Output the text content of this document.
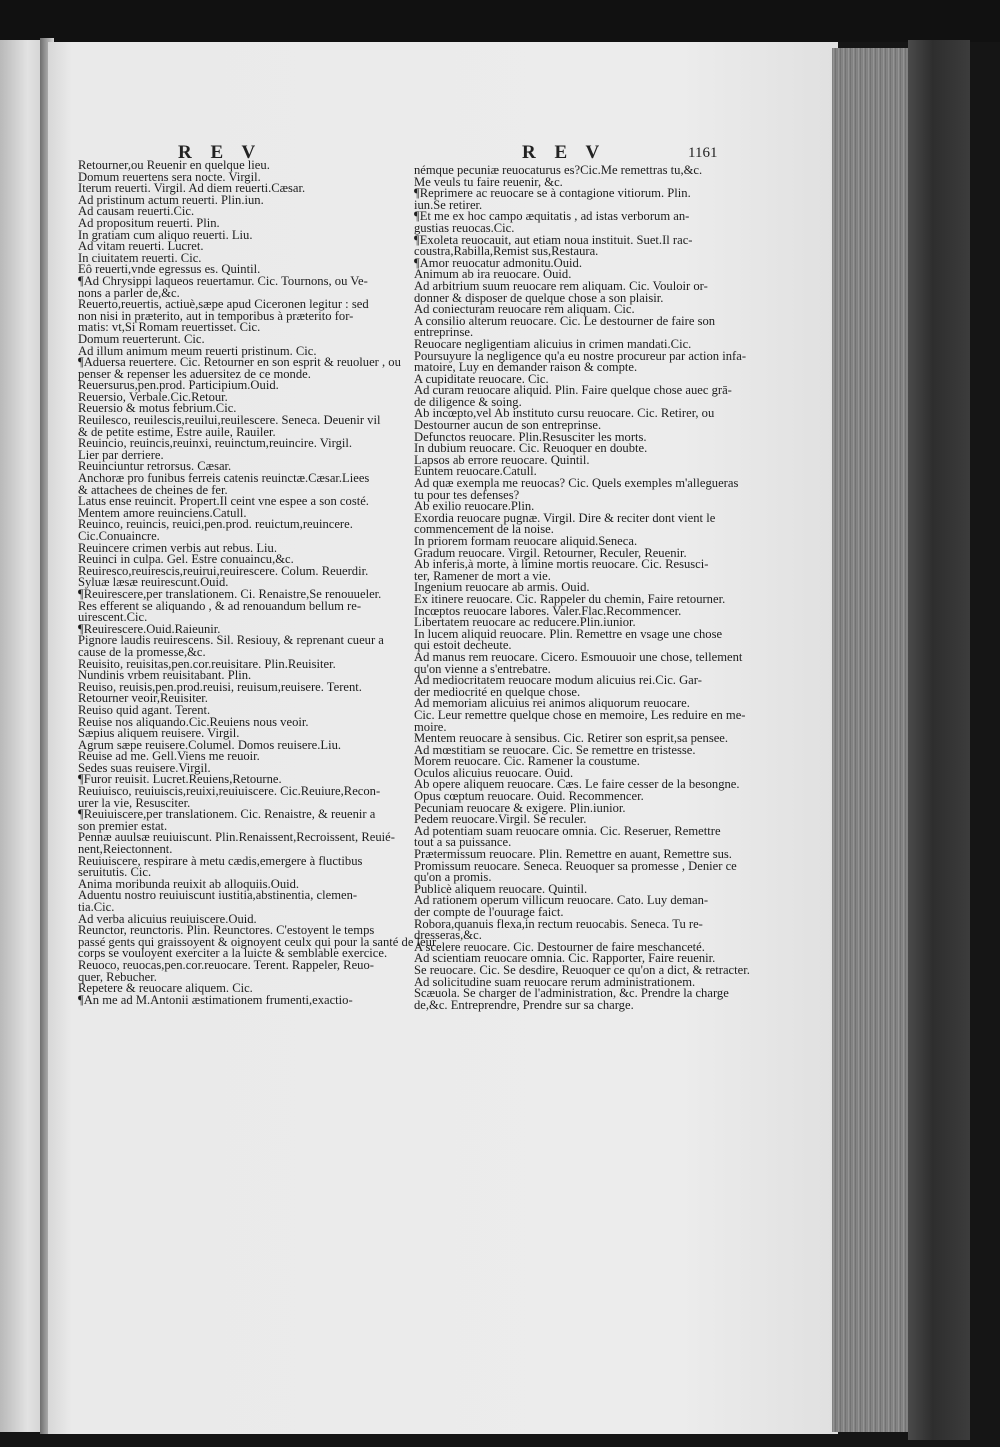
R E V	R E V	1161

Retourner,ou Reuenir en quelque lieu.

Domum reuertens sera nocte. Virgil.

Iterum reuerti. Virgil. Ad diem reuerti.Cæsar.

Ad pristinum actum reuerti. Plin.iun.

Ad causam reuerti.Cic.

Ad propositum reuerti. Plin.

In gratiam cum aliquo reuerti. Liu.

Ad vitam reuerti. Lucret.

In ciuitatem reuerti. Cic.

Eô reuerti,vnde egressus es. Quintil.

¶Ad Chrysippi laqueos reuertamur. Cic. Tournons, ou Ve-

nons a parler de,&c.

Reuerto,reuertis, actiuè,sæpe apud Ciceronen legitur : sed

non nisi in præterito, aut in temporibus à præterito for-

matis: vt,Si Romam reuertisset. Cic.

Domum reuerterunt. Cic.

Ad illum animum meum reuerti pristinum. Cic.

¶Aduersa reuertere. Cic. Retourner en son esprit & reuoluer , ou

penser & repenser les aduersitez de ce monde.

Reuersurus,pen.prod. Participium.Ouid.

Reuersio, Verbale.Cic.Retour.

Reuersio & motus febrium.Cic.

Reuilesco, reuilescis,reuilui,reuilescere. Seneca. Deuenir vil

& de petite estime, Estre auile, Rauiler.

Reuincio, reuincis,reuinxi, reuinctum,reuincire. Virgil.

Lier par derriere.

Reuinciuntur retrorsus. Cæsar.

Anchoræ pro funibus ferreis catenis reuinctæ.Cæsar.Liees

& attachees de cheines de fer.

Latus ense reuincit. Propert.Il ceint vne espee a son costé.

Mentem amore reuinciens.Catull.

Reuinco, reuincis, reuici,pen.prod. reuictum,reuincere.

Cic.Conuaincre.

Reuincere crimen verbis aut rebus. Liu.

Reuinci in culpa. Gel. Estre conuaincu,&c.

Reuiresco,reuirescis,reuirui,reuirescere. Colum. Reuerdir.

Syluæ læsæ reuirescunt.Ouid.

¶Reuirescere,per translationem. Ci. Renaistre,Se renouueler.

Res efferent se aliquando , & ad renouandum bellum re-

uirescent.Cic.

¶Reuirescere.Ouid.Raieunir.

Pignore laudis reuirescens. Sil. Resiouy, & reprenant cueur a

cause de la promesse,&c.

Reuisito, reuisitas,pen.cor.reuisitare. Plin.Reuisiter.

Nundinis vrbem reuisitabant. Plin.

Reuiso, reuisis,pen.prod.reuisi, reuisum,reuisere. Terent.

Retourner veoir,Reuisiter.

Reuiso quid agant. Terent.

Reuise nos aliquando.Cic.Reuiens nous veoir.

Sæpius aliquem reuisere. Virgil.

Agrum sæpe reuisere.Columel. Domos reuisere.Liu.

Reuise ad me. Gell.Viens me reuoir.

Sedes suas reuisere.Virgil.

¶Furor reuisit. Lucret.Reuiens,Retourne.

Reuiuisco, reuiuiscis,reuixi,reuiuiscere. Cic.Reuiure,Recon-

urer la vie, Resusciter.

¶Reuiuiscere,per translationem. Cic. Renaistre, & reuenir a

son premier estat.

Pennæ auulsæ reuiuiscunt. Plin.Renaissent,Recroissent, Reuié-

nent,Reiectonnent.

Reuiuiscere, respirare à metu cædis,emergere à fluctibus

seruitutis. Cic.

Anima moribunda reuixit ab alloquiis.Ouid.

Aduentu nostro reuiuiscunt iustitia,abstinentia, clemen-

tia.Cic.

Ad verba alicuius reuiuiscere.Ouid.

Reunctor, reunctoris. Plin. Reunctores. C'estoyent le temps

passé gents qui graissoyent & oignoyent ceulx qui pour la santé de leur

corps se vouloyent exerciter a la luicte & semblable exercice.

Reuoco, reuocas,pen.cor.reuocare. Terent. Rappeler, Reuo-

quer, Rebucher.

Repetere & reuocare aliquem. Cic.

¶An me ad M.Antonii æstimationem frumenti,exactio-

némque pecuniæ reuocaturus es?Cic.Me remettras tu,&c.

Me veuls tu faire reuenir, &c.

¶Reprimere ac reuocare se à contagione vitiorum. Plin.

iun.Se retirer.

¶Et me ex hoc campo æquitatis , ad istas verborum an-

gustias reuocas.Cic.

¶Exoleta reuocauit, aut etiam noua instituit. Suet.Il rac-

coustra,Rabilla,Remist sus,Restaura.

¶Amor reuocatur admonitu.Ouid.

Animum ab ira reuocare. Ouid.

Ad arbitrium suum reuocare rem aliquam. Cic. Vouloir or-

donner & disposer de quelque chose a son plaisir.

Ad coniecturam reuocare rem aliquam. Cic.

A consilio alterum reuocare. Cic. Le destourner de faire son

entreprinse.

Reuocare negligentiam alicuius in crimen mandati.Cic.

Poursuyure la negligence qu'a eu nostre procureur par action infa-

matoire, Luy en demander raison & compte.

A cupiditate reuocare. Cic.

Ad curam reuocare aliquid. Plin. Faire quelque chose auec grā-

de diligence & soing.

Ab incœpto,vel Ab instituto cursu reuocare. Cic. Retirer, ou

Destourner aucun de son entreprinse.

Defunctos reuocare. Plin.Resusciter les morts.

In dubium reuocare. Cic. Reuoquer en doubte.

Lapsos ab errore reuocare. Quintil.

Euntem reuocare.Catull.

Ad quæ exempla me reuocas? Cic. Quels exemples m'allegueras

tu pour tes defenses?

Ab exilio reuocare.Plin.

Exordia reuocare pugnæ. Virgil. Dire & reciter dont vient le

commencement de la noise.

In priorem formam reuocare aliquid.Seneca.

Gradum reuocare. Virgil. Retourner, Reculer, Reuenir.

Ab inferis,à morte, à limine mortis reuocare. Cic. Resusci-

ter, Ramener de mort a vie.

Ingenium reuocare ab armis. Ouid.

Ex itinere reuocare. Cic. Rappeler du chemin, Faire retourner.

Incœptos reuocare labores. Valer.Flac.Recommencer.

Libertatem reuocare ac reducere.Plin.iunior.

In lucem aliquid reuocare. Plin. Remettre en vsage une chose

qui estoit decheute.

Ad manus rem reuocare. Cicero. Esmouuoir une chose, tellement

qu'on vienne a s'entrebatre.

Ad mediocritatem reuocare modum alicuius rei.Cic. Gar-

der mediocrité en quelque chose.

Ad memoriam alicuius rei animos aliquorum reuocare.

Cic. Leur remettre quelque chose en memoire, Les reduire en me-

moire.

Mentem reuocare à sensibus. Cic. Retirer son esprit,sa pensee.

Ad mœstitiam se reuocare. Cic. Se remettre en tristesse.

Morem reuocare. Cic. Ramener la coustume.

Oculos alicuius reuocare. Ouid.

Ab opere aliquem reuocare. Cæs. Le faire cesser de la besongne.

Opus cœptum reuocare. Ouid. Recommencer.

Pecuniam reuocare & exigere. Plin.iunior.

Pedem reuocare.Virgil. Se reculer.

Ad potentiam suam reuocare omnia. Cic. Reseruer, Remettre

tout a sa puissance.

Prætermissum reuocare. Plin. Remettre en auant, Remettre sus.

Promissum reuocare. Seneca. Reuoquer sa promesse , Denier ce

qu'on a promis.

Publicè aliquem reuocare. Quintil.

Ad rationem operum villicum reuocare. Cato. Luy deman-

der compte de l'ouurage faict.

Robora,quanuis flexa,in rectum reuocabis. Seneca. Tu re-

dresseras,&c.

A scelere reuocare. Cic. Destourner de faire meschanceté.

Ad scientiam reuocare omnia. Cic. Rapporter, Faire reuenir.

Se reuocare. Cic. Se desdire, Reuoquer ce qu'on a dict, & retracter.

Ad solicitudine suam reuocare rerum administrationem.

Scæuola. Se charger de l'administration, &c. Prendre la charge

de,&c. Entreprendre, Prendre sur sa charge.
